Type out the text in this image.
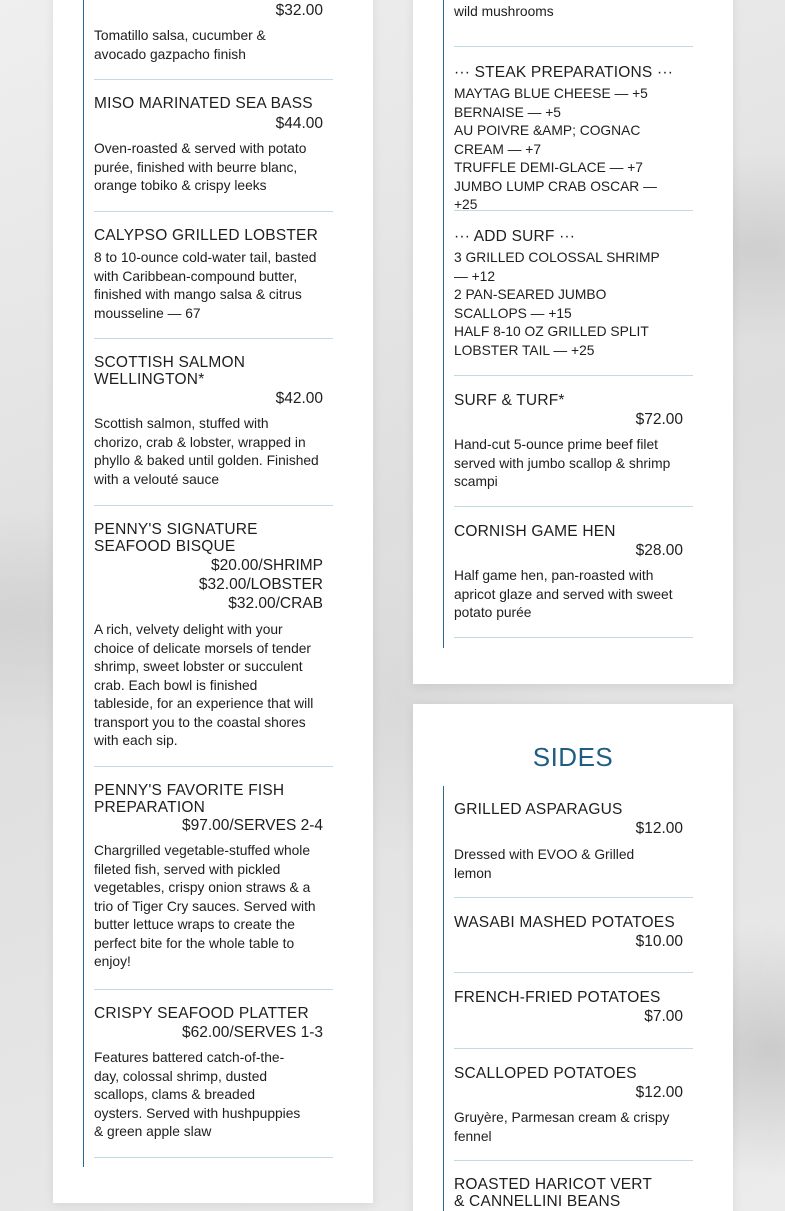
$32.00
Tomatillo salsa, cucumber & avocado gazpacho finish
MISO MARINATED SEA BASS
$44.00
Oven-roasted & served with potato purée, finished with beurre blanc, orange tobiko & crispy leeks
CALYPSO GRILLED LOBSTER
8 to 10-ounce cold-water tail, basted with Caribbean-compound butter, finished with mango salsa & citrus mousseline — 67
SCOTTISH SALMON WELLINGTON*
$42.00
Scottish salmon, stuffed with chorizo, crab & lobster, wrapped in phyllo & baked until golden. Finished with a velouté sauce
PENNY'S SIGNATURE SEAFOOD BISQUE
$20.00/SHRIMP
$32.00/LOBSTER
$32.00/CRAB
A rich, velvety delight with your choice of delicate morsels of tender shrimp, sweet lobster or succulent crab. Each bowl is finished tableside, for an experience that will transport you to the coastal shores with each sip.
PENNY'S FAVORITE FISH PREPARATION
$97.00/SERVES 2-4
Chargrilled vegetable-stuffed whole fileted fish, served with pickled vegetables, crispy onion straws & a trio of Tiger Cry sauces. Served with butter lettuce wraps to create the perfect bite for the whole table to enjoy!
CRISPY SEAFOOD PLATTER
$62.00/SERVES 1-3
Features battered catch-of-the-day, colossal shrimp, dusted scallops, clams & breaded oysters. Served with hushpuppies & green apple slaw
wild mushrooms
··· STEAK PREPARATIONS ···
MAYTAG BLUE CHEESE — +5
BERNAISE — +5
AU POIVRE &AMP; COGNAC CREAM — +7
TRUFFLE DEMI-GLACE — +7
JUMBO LUMP CRAB OSCAR — +25
··· ADD SURF ···
3 GRILLED COLOSSAL SHRIMP — +12
2 PAN-SEARED JUMBO SCALLOPS — +15
HALF 8-10 OZ GRILLED SPLIT LOBSTER TAIL — +25
SURF & TURF*
$72.00
Hand-cut 5-ounce prime beef filet served with jumbo scallop & shrimp scampi
CORNISH GAME HEN
$28.00
Half game hen, pan-roasted with apricot glaze and served with sweet potato purée
SIDES
GRILLED ASPARAGUS
$12.00
Dressed with EVOO & Grilled lemon
WASABI MASHED POTATOES
$10.00
FRENCH-FRIED POTATOES
$7.00
SCALLOPED POTATOES
$12.00
Gruyère, Parmesan cream & crispy fennel
ROASTED HARICOT VERT & CANNELLINI BEANS
